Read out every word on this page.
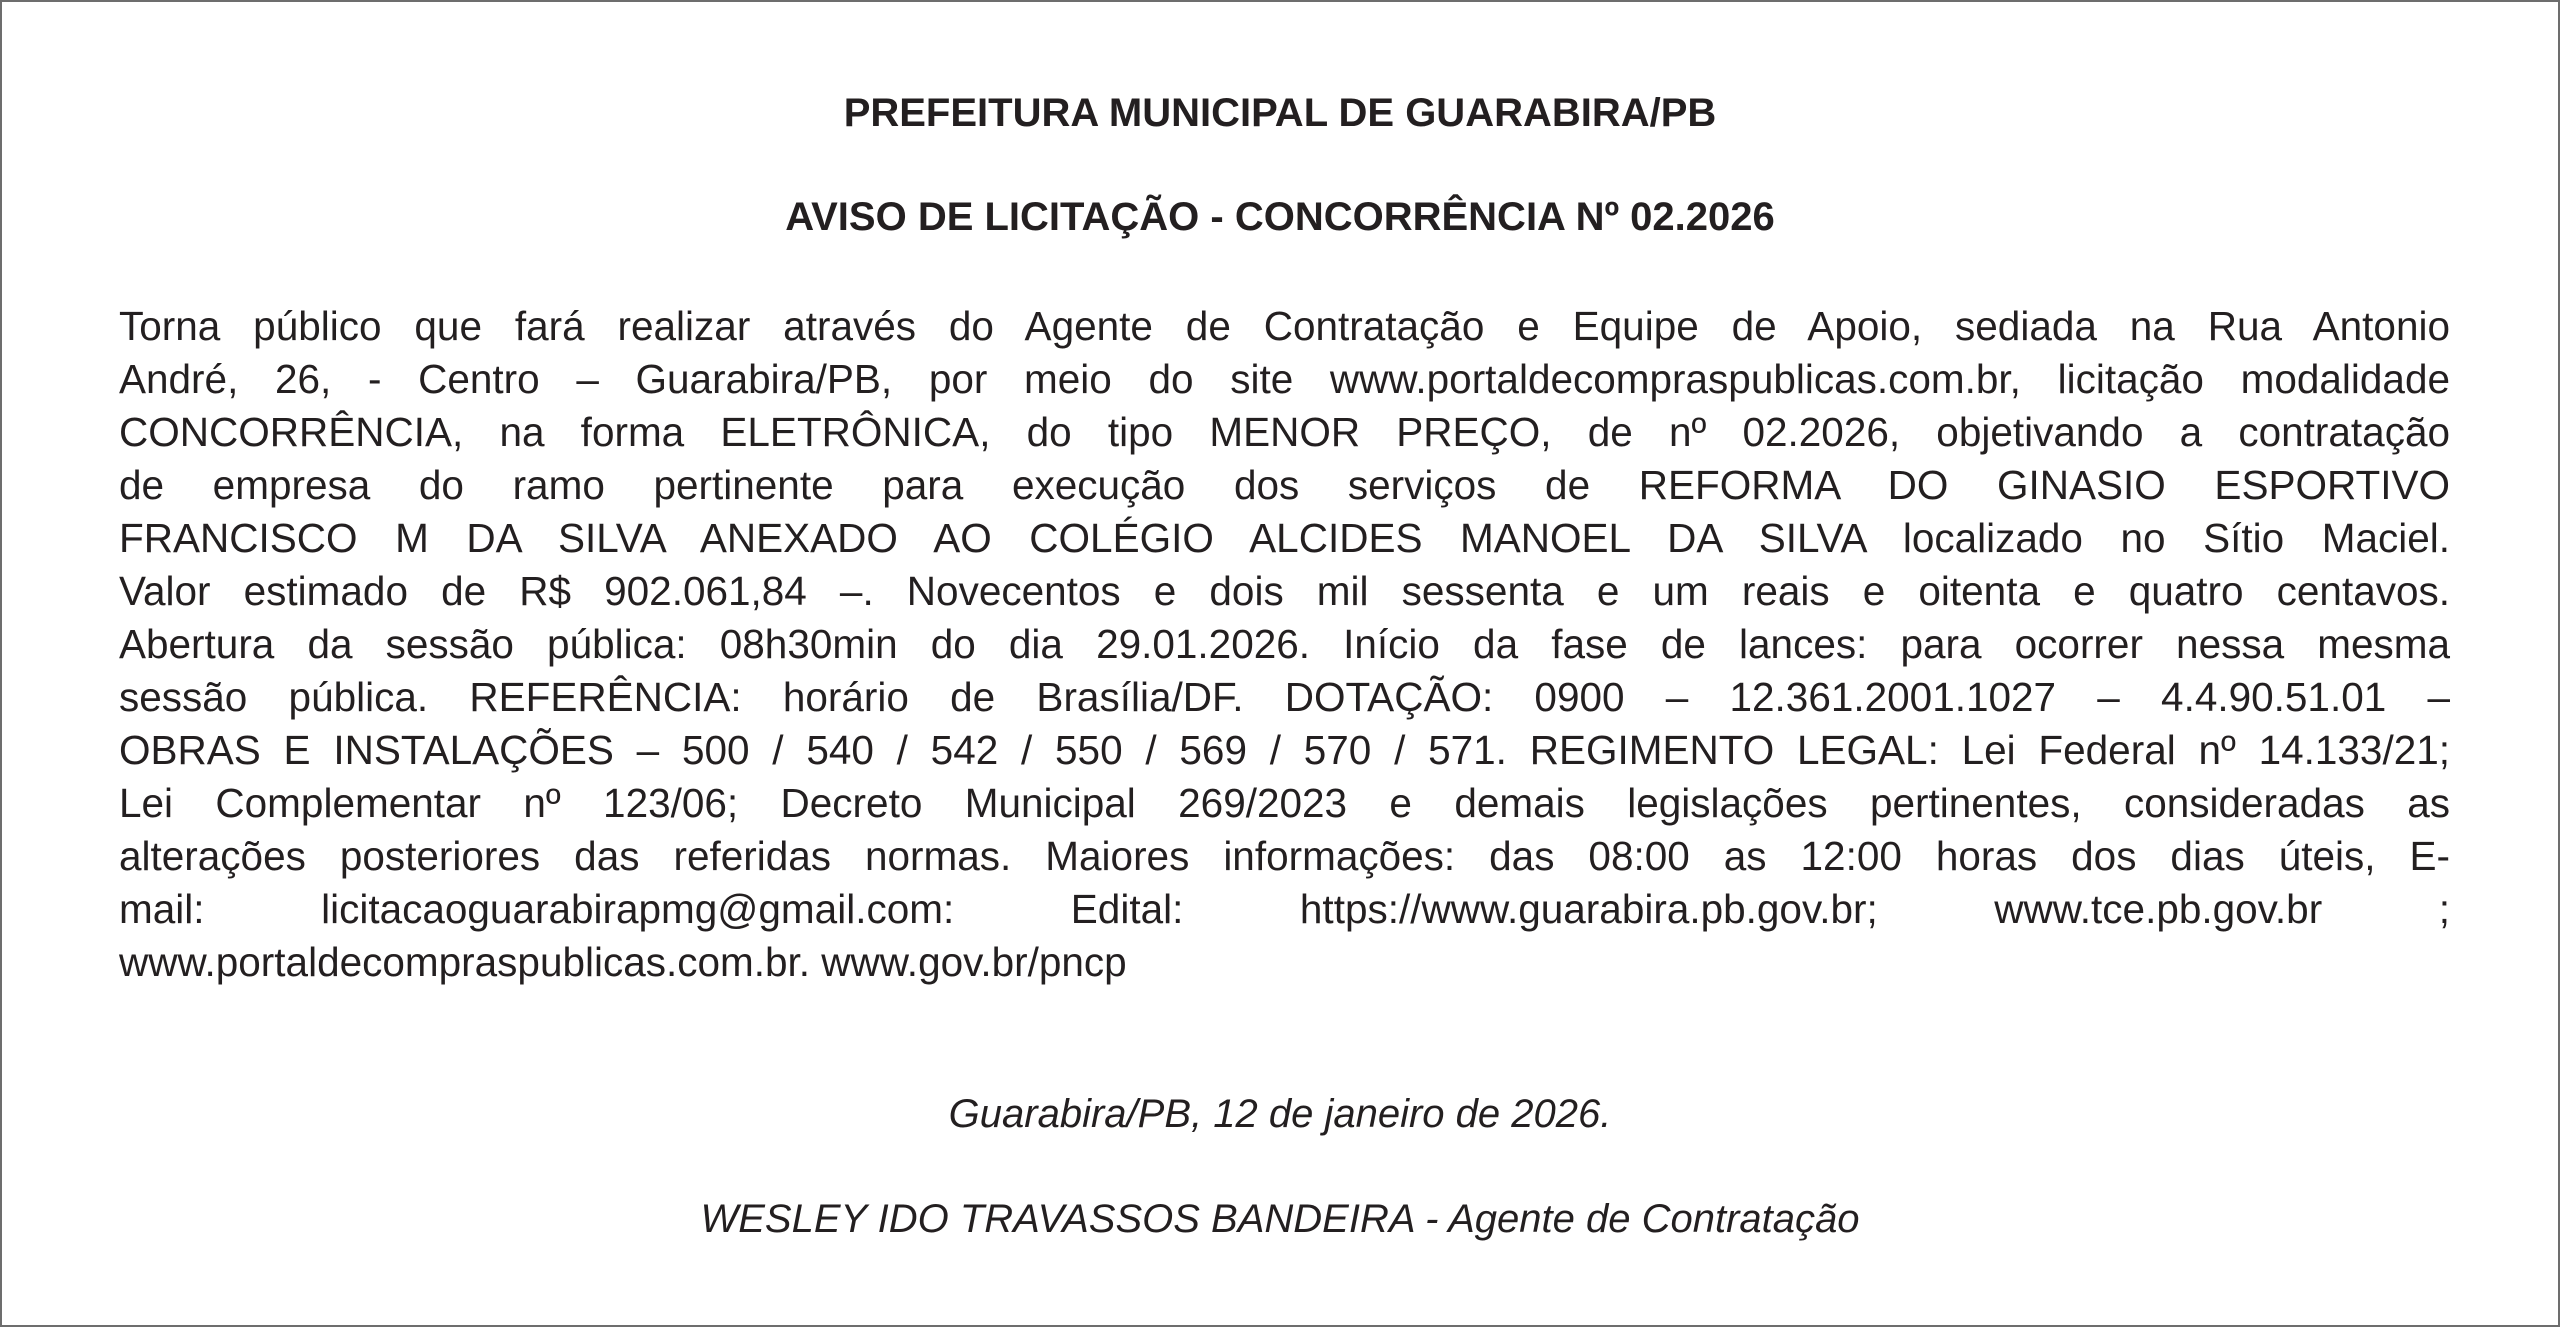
PREFEITURA MUNICIPAL DE GUARABIRA/PB
AVISO DE LICITAÇÃO - CONCORRÊNCIA Nº 02.2026
Torna público que fará realizar através do Agente de Contratação e Equipe de Apoio, sediada na Rua Antonio
André, 26, - Centro – Guarabira/PB, por meio do site www.portaldecompraspublicas.com.br, licitação modalidade
CONCORRÊNCIA, na forma ELETRÔNICA, do tipo MENOR PREÇO, de nº 02.2026, objetivando a contratação
de empresa do ramo pertinente para execução dos serviços de REFORMA DO GINASIO ESPORTIVO
FRANCISCO M DA SILVA ANEXADO AO COLÉGIO ALCIDES MANOEL DA SILVA localizado no Sítio Maciel.
Valor estimado de R$ 902.061,84 –. Novecentos e dois mil sessenta e um reais e oitenta e quatro centavos.
Abertura da sessão pública: 08h30min do dia 29.01.2026. Início da fase de lances: para ocorrer nessa mesma
sessão pública. REFERÊNCIA: horário de Brasília/DF. DOTAÇÃO: 0900 – 12.361.2001.1027 – 4.4.90.51.01 –
OBRAS E INSTALAÇÕES – 500 / 540 / 542 / 550 / 569 / 570 / 571. REGIMENTO LEGAL: Lei Federal nº 14.133/21;
Lei Complementar nº 123/06; Decreto Municipal 269/2023 e demais legislações pertinentes, consideradas as
alterações posteriores das referidas normas. Maiores informações: das 08:00 as 12:00 horas dos dias úteis, E-
mail: licitacaoguarabirapmg@gmail.com: Edital: https://www.guarabira.pb.gov.br; www.tce.pb.gov.br ;
www.portaldecompraspublicas.com.br. www.gov.br/pncp
Guarabira/PB, 12 de janeiro de 2026.
WESLEY IDO TRAVASSOS BANDEIRA - Agente de Contratação
